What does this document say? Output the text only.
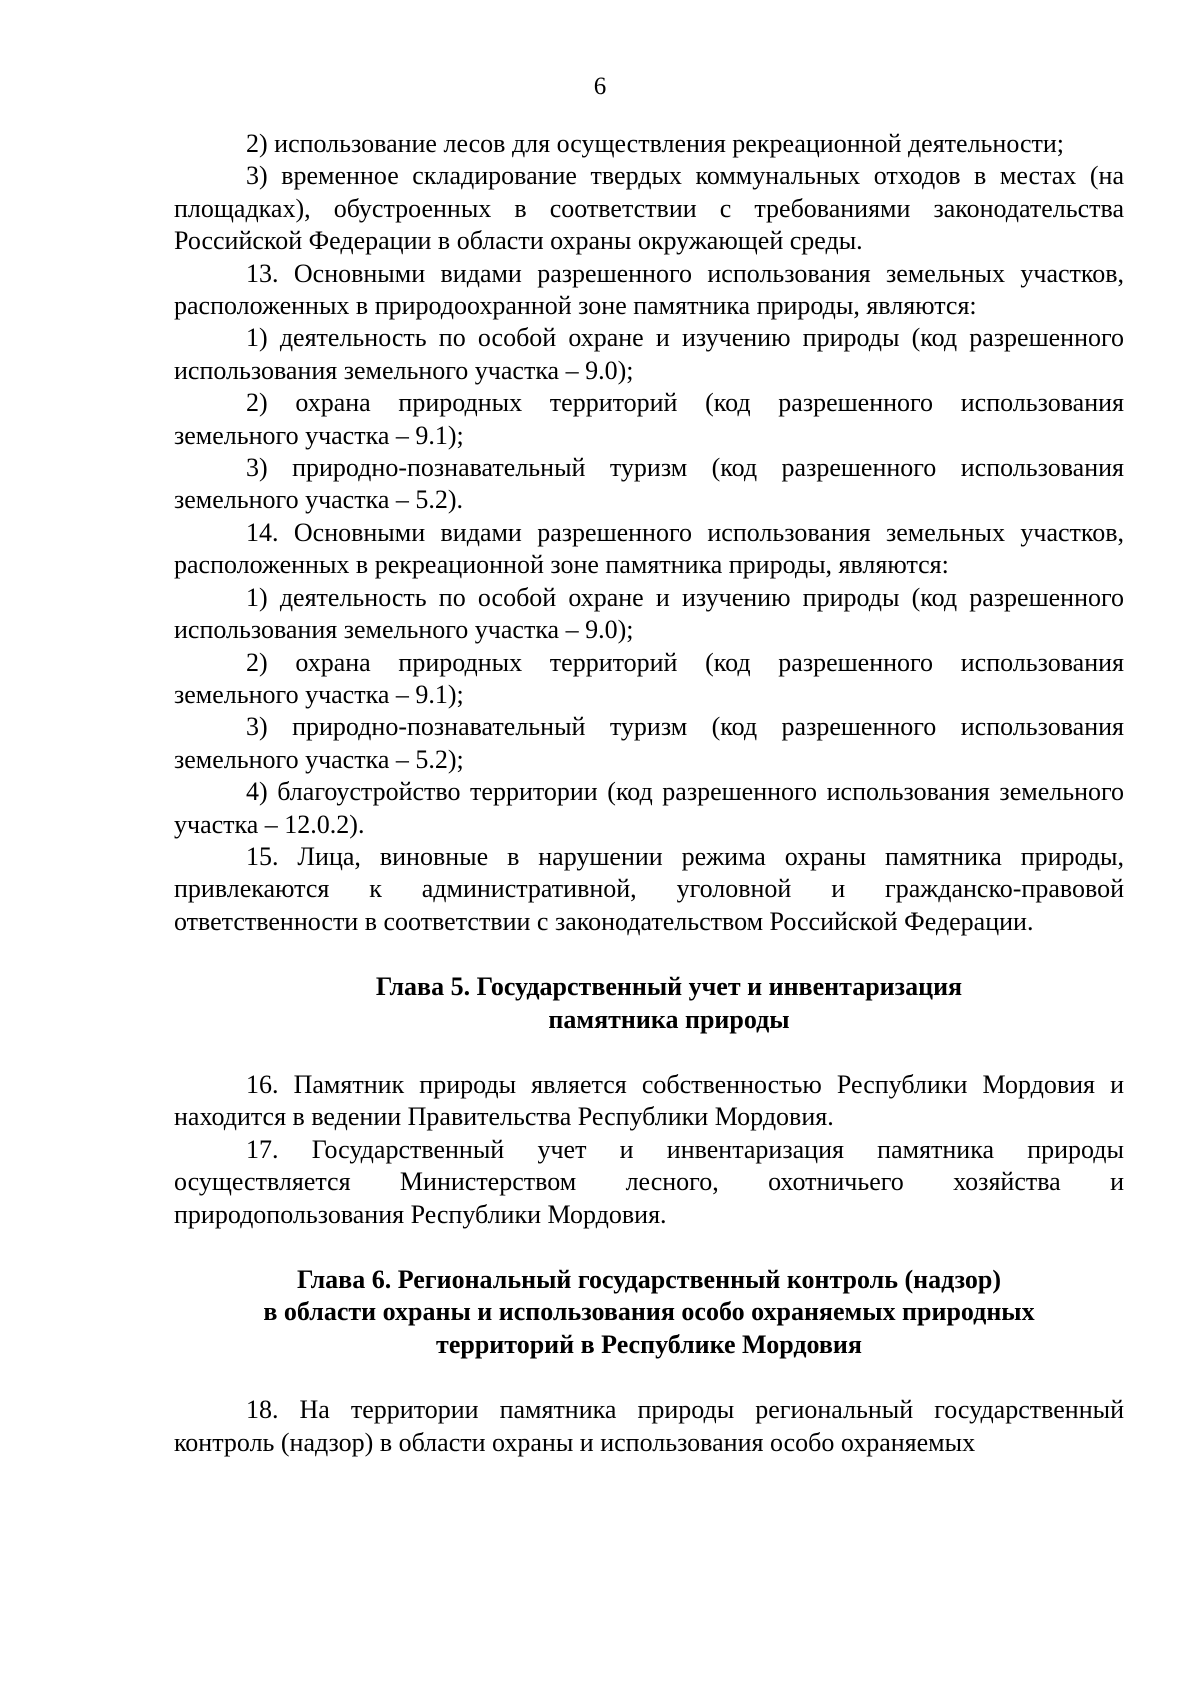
6

2) использование лесов для осуществления рекреационной деятельности;

3) временное складирование твердых коммунальных отходов в местах (на площадках), обустроенных в соответствии с требованиями законодательства Российской Федерации в области охраны окружающей среды.

13. Основными видами разрешенного использования земельных участков, расположенных в природоохранной зоне памятника природы, являются:

1) деятельность по особой охране и изучению природы (код разрешенного использования земельного участка – 9.0);

2) охрана природных территорий (код разрешенного использования земельного участка – 9.1);

3) природно-познавательный туризм (код разрешенного использования земельного участка – 5.2).

14. Основными видами разрешенного использования земельных участков, расположенных в рекреационной зоне памятника природы, являются:

1) деятельность по особой охране и изучению природы (код разрешенного использования земельного участка – 9.0);

2) охрана природных территорий (код разрешенного использования земельного участка – 9.1);

3) природно-познавательный туризм (код разрешенного использования земельного участка – 5.2);

4) благоустройство территории (код разрешенного использования земельного участка – 12.0.2).

15. Лица, виновные в нарушении режима охраны памятника природы, привлекаются к административной, уголовной и гражданско-правовой ответственности в соответствии с законодательством Российской Федерации.

Глава 5. Государственный учет и инвентаризация
памятника природы

16. Памятник природы является собственностью Республики Мордовия и находится в ведении Правительства Республики Мордовия.

17. Государственный учет и инвентаризация памятника природы осуществляется Министерством лесного, охотничьего хозяйства и природопользования Республики Мордовия.

Глава 6. Региональный государственный контроль (надзор)
в области охраны и использования особо охраняемых природных
территорий в Республике Мордовия

18. На территории памятника природы региональный государственный контроль (надзор) в области охраны и использования особо охраняемых
